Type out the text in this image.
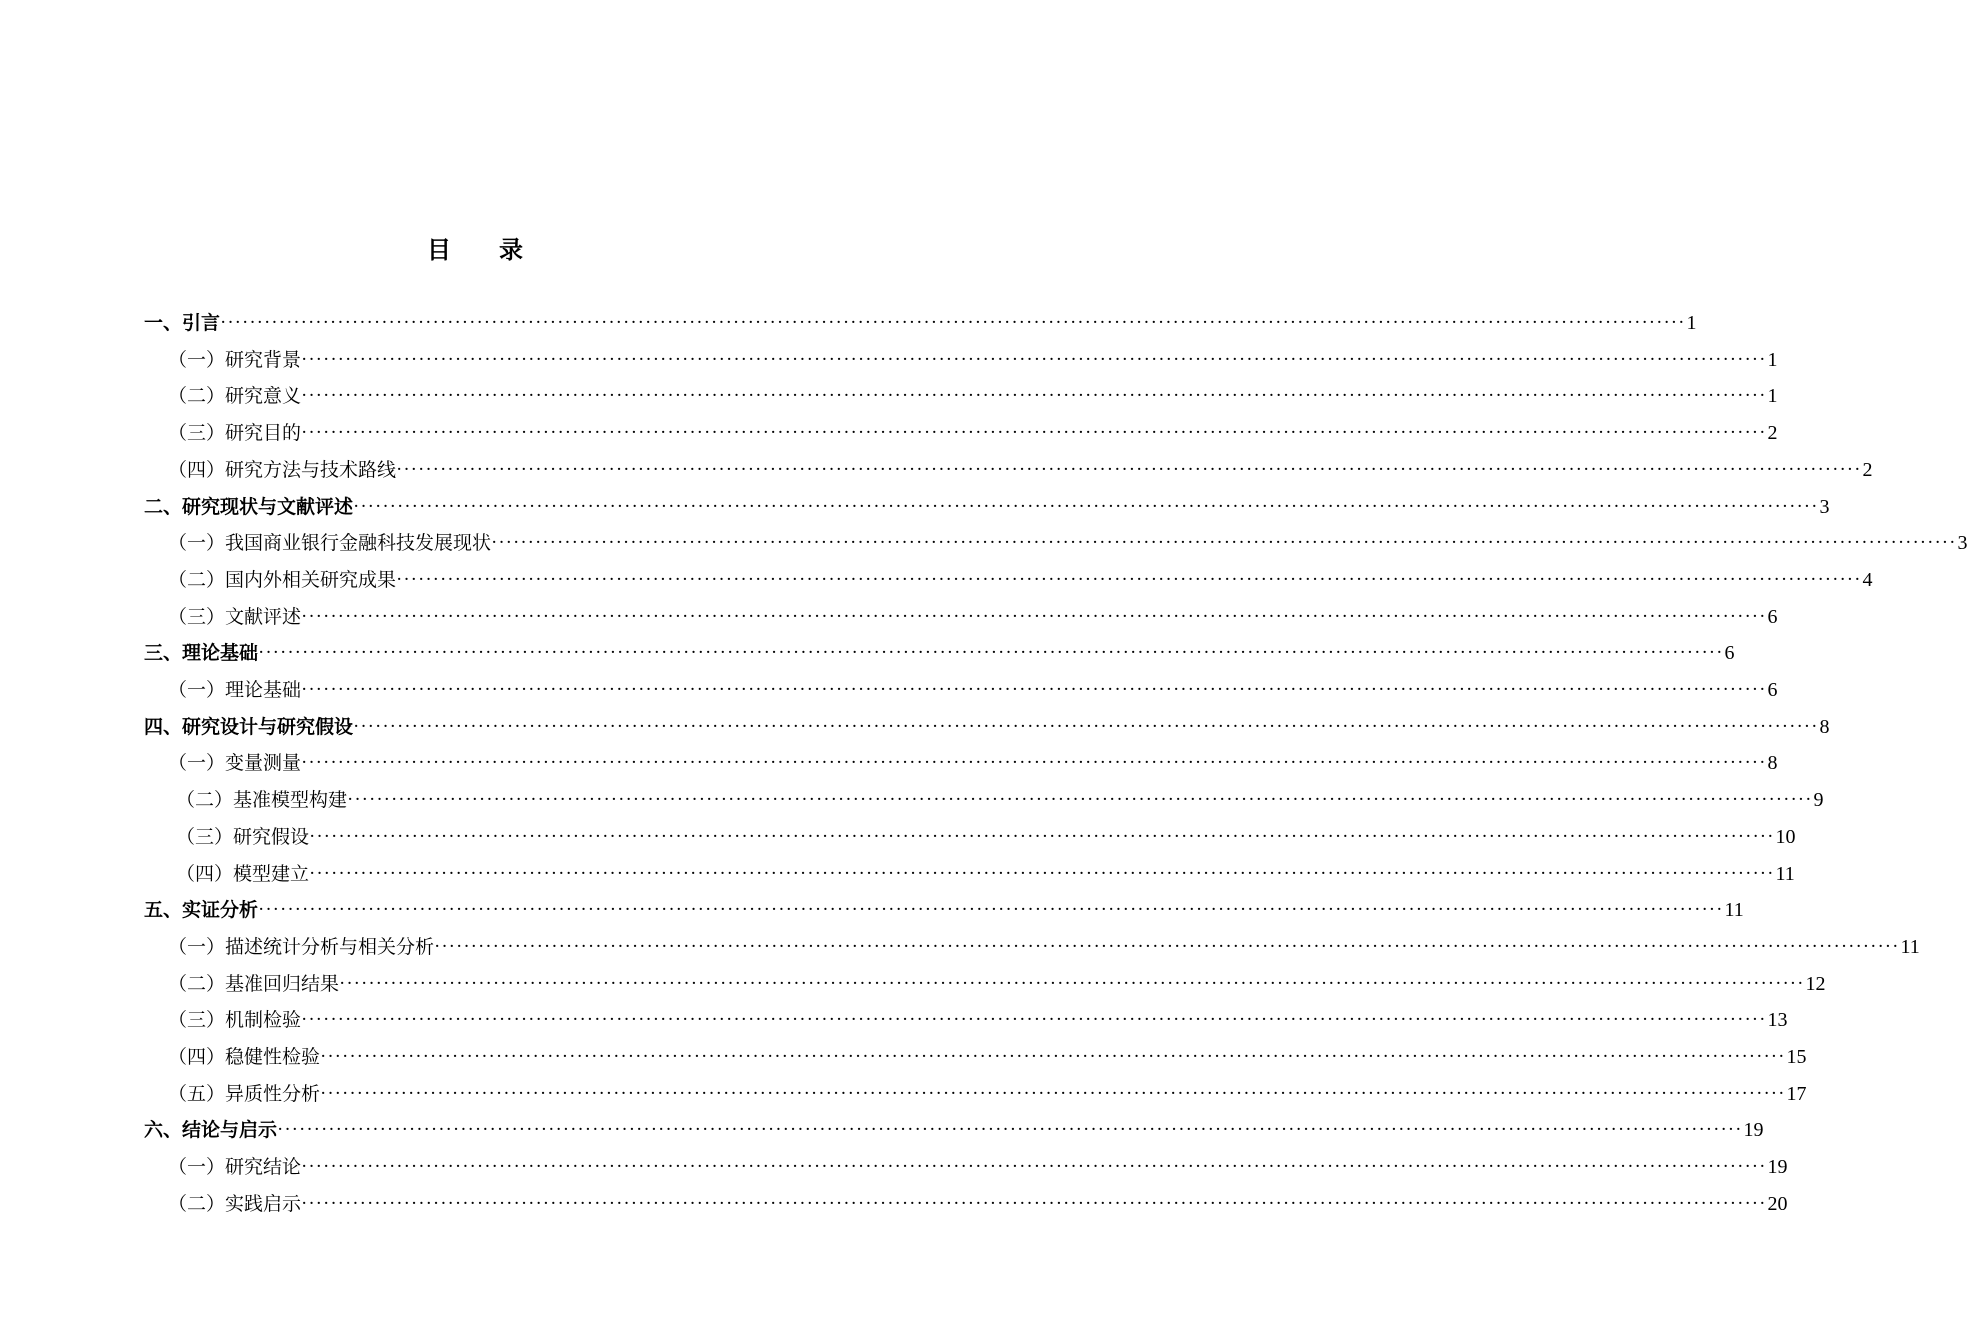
目 录
一、引言 ········································································································································································································ 1
（一）研究背景 ········································································································································································································ 1
（二）研究意义 ········································································································································································································ 1
（三）研究目的 ········································································································································································································ 2
（四）研究方法与技术路线 ········································································································································································································ 2
二、研究现状与文献评述 ········································································································································································································ 3
（一）我国商业银行金融科技发展现状 ········································································································································································································ 3
（二）国内外相关研究成果 ········································································································································································································ 4
（三）文献评述 ········································································································································································································ 6
三、理论基础 ········································································································································································································ 6
（一）理论基础 ········································································································································································································ 6
四、研究设计与研究假设 ········································································································································································································ 8
（一）变量测量 ········································································································································································································ 8
（二）基准模型构建 ········································································································································································································ 9
（三）研究假设 ········································································································································································································ 10
（四）模型建立 ········································································································································································································ 11
五、实证分析 ········································································································································································································ 11
（一）描述统计分析与相关分析 ········································································································································································································ 11
（二）基准回归结果 ········································································································································································································ 12
（三）机制检验 ········································································································································································································ 13
（四）稳健性检验 ········································································································································································································ 15
（五）异质性分析 ········································································································································································································ 17
六、结论与启示 ········································································································································································································ 19
（一）研究结论 ········································································································································································································ 19
（二）实践启示 ········································································································································································································ 20
